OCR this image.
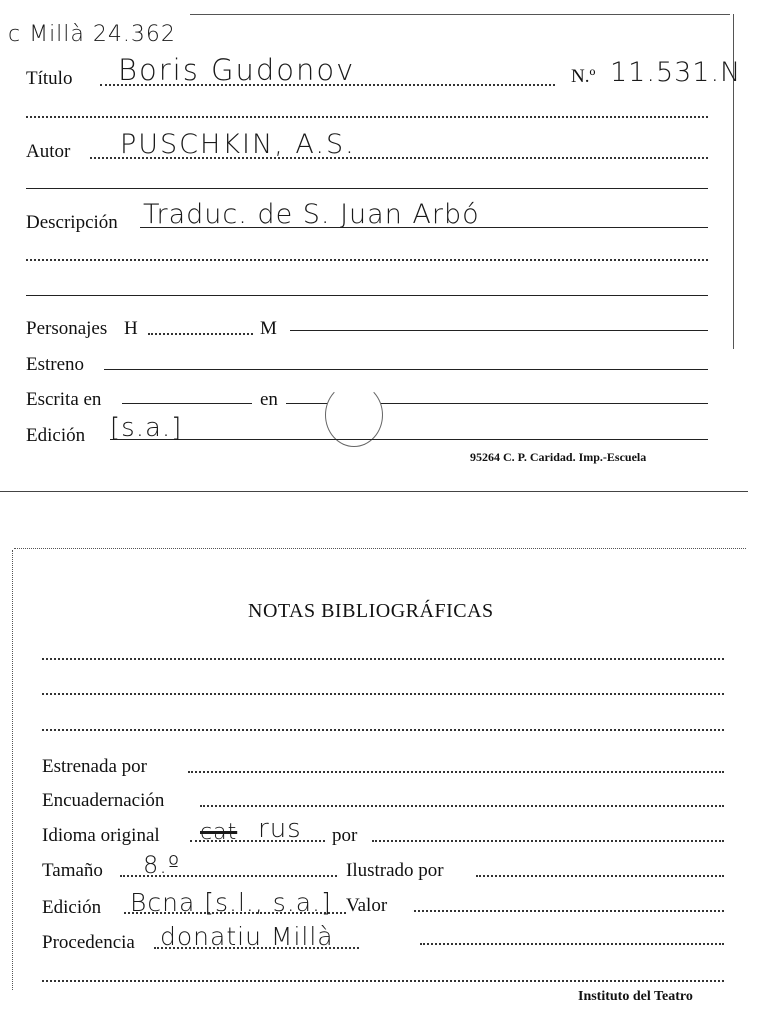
c Millà 24.362
Título Boris Gudonov	N.º 11.531.N
Autor PUSCHKIN, A.S.
Descripción Traduc. de S. Juan Arbó
Personajes H	M
Estreno
Escrita en	en
Edición [s.a.]
95264 C. P. Caridad. Imp.-Escuela
NOTAS BIBLIOGRÁFICAS
Estrenada por
Encuadernación
Idioma original cat rus por
Tamaño 8.º	Ilustrado por
Edición Bcna [s.l., s.a.] Valor
Procedencia donatiu Millà
Instituto del Teatro
